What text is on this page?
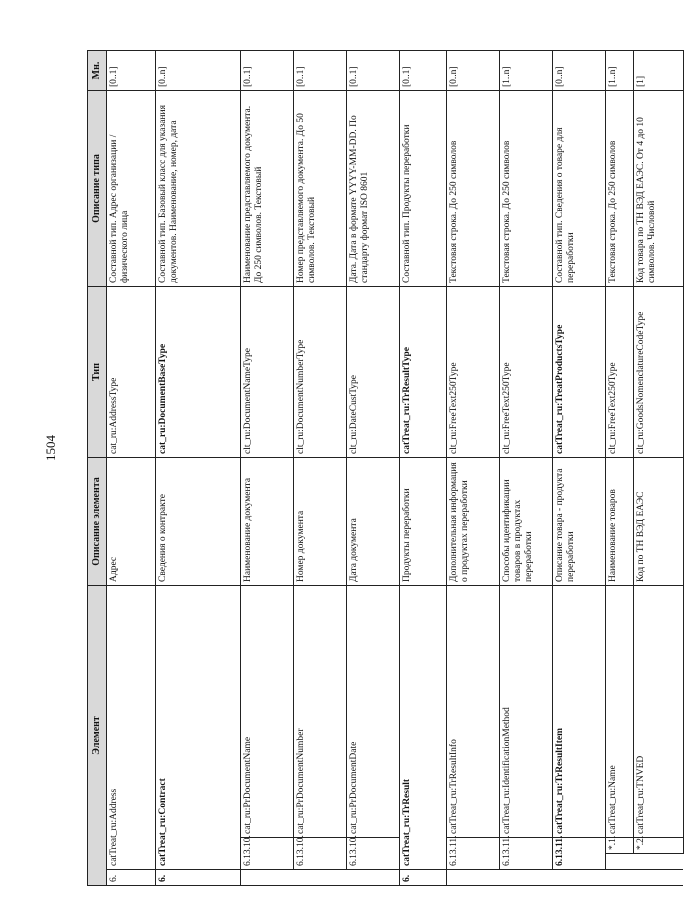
1504
Элемент				Описание элемента	Тип	Описание типа	Мн.
6.	catTreat_ru:Address			Адрес	cat_ru:AddressType	Составной тип. Адрес организации / физического лица	[0..1]
6.	catTreat_ru:Contract			Сведения о контракте	cat_ru:DocumentBaseType	Составной тип. Базовый класс для указания документов. Наименование, номер, дата	[0..n]
	6.13.10.		cat_ru:PrDocumentName	Наименование документа	clt_ru:DocumentNameType	Наименование представляемого документа. До 250 символов. Текстовый	[0..1]
	6.13.10.		cat_ru:PrDocumentNumber	Номер документа	clt_ru:DocumentNumberType	Номер представляемого документа. До 50 символов. Текстовый	[0..1]
	6.13.10.		cat_ru:PrDocumentDate	Дата документа	clt_ru:DateCustType	Дата. Дата в формате YYYY-MM-DD. По стандарту формат ISO 8601	[0..1]
6.	catTreat_ru:TrResult			Продукты переработки	catTreat_ru:TrResultType	Составной тип. Продукты переработки	[0..1]
	6.13.11.		catTreat_ru:TrResultInfo	Дополнительная информация о продуктах переработки	clt_ru:FreeText250Type	Текстовая строка. До 250 символов	[0..n]
	6.13.11.		catTreat_ru:IdentificationMethod	Способы идентификации товаров в продуктах переработки	clt_ru:FreeText250Type	Текстовая строка. До 250 символов	[1..n]
	6.13.11.		catTreat_ru:TrResultItem	Описание товара - продукта переработки	catTreat_ru:TreatProductsType	Составной тип. Сведения о товаре для переработки	[0..n]
		*.1.	catTreat_ru:Name	Наименование товаров	clt_ru:FreeText250Type	Текстовая строка. До 250 символов	[1..n]
		*.2.	catTreat_ru:TNVED	Код по ТН ВЭД ЕАЭС	clt_ru:GoodsNomenclatureCodeType	Код товара по ТН ВЭД ЕАЭС. От 4 до 10 символов. Числовой	[1]
